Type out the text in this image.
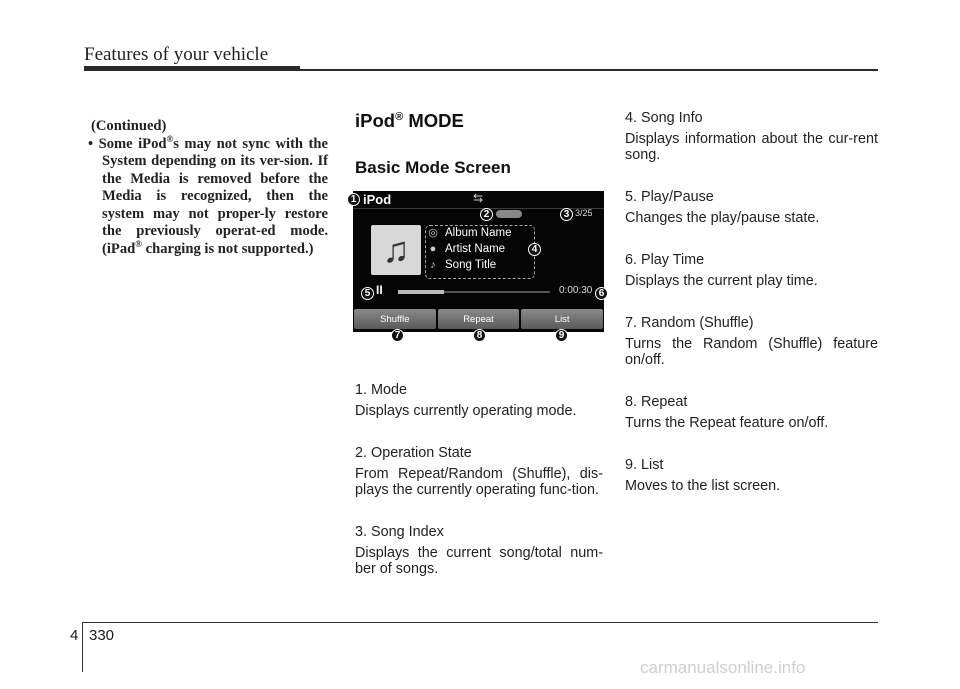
Features of your vehicle
(Continued)
• Some iPod®s may not sync with the System depending on its ver-sion. If the Media is removed before the Media is recognized, then the system may not proper-ly restore the previously operat-ed mode. (iPad® charging is not supported.)
iPod® MODE
Basic Mode Screen
1. Mode
Displays currently operating mode.
2. Operation State
From Repeat/Random (Shuffle), dis-plays the currently operating func-tion.
3. Song Index
Displays the current song/total num-ber of songs.
iPod	⇆
3/25
♫	◎ Album Name
● Artist Name
♪ Song Title
II	0:00:30
Shuffle	Repeat	List
1
2	3
4
5	6
7	8	9
4. Song Info
Displays information about the cur-rent song.
5. Play/Pause
Changes the play/pause state.
6. Play Time
Displays the current play time.
7. Random (Shuffle)
Turns the Random (Shuffle) feature on/off.
8. Repeat
Turns the Repeat feature on/off.
9. List
Moves to the list screen.
4 330
carmanualsonline.info
